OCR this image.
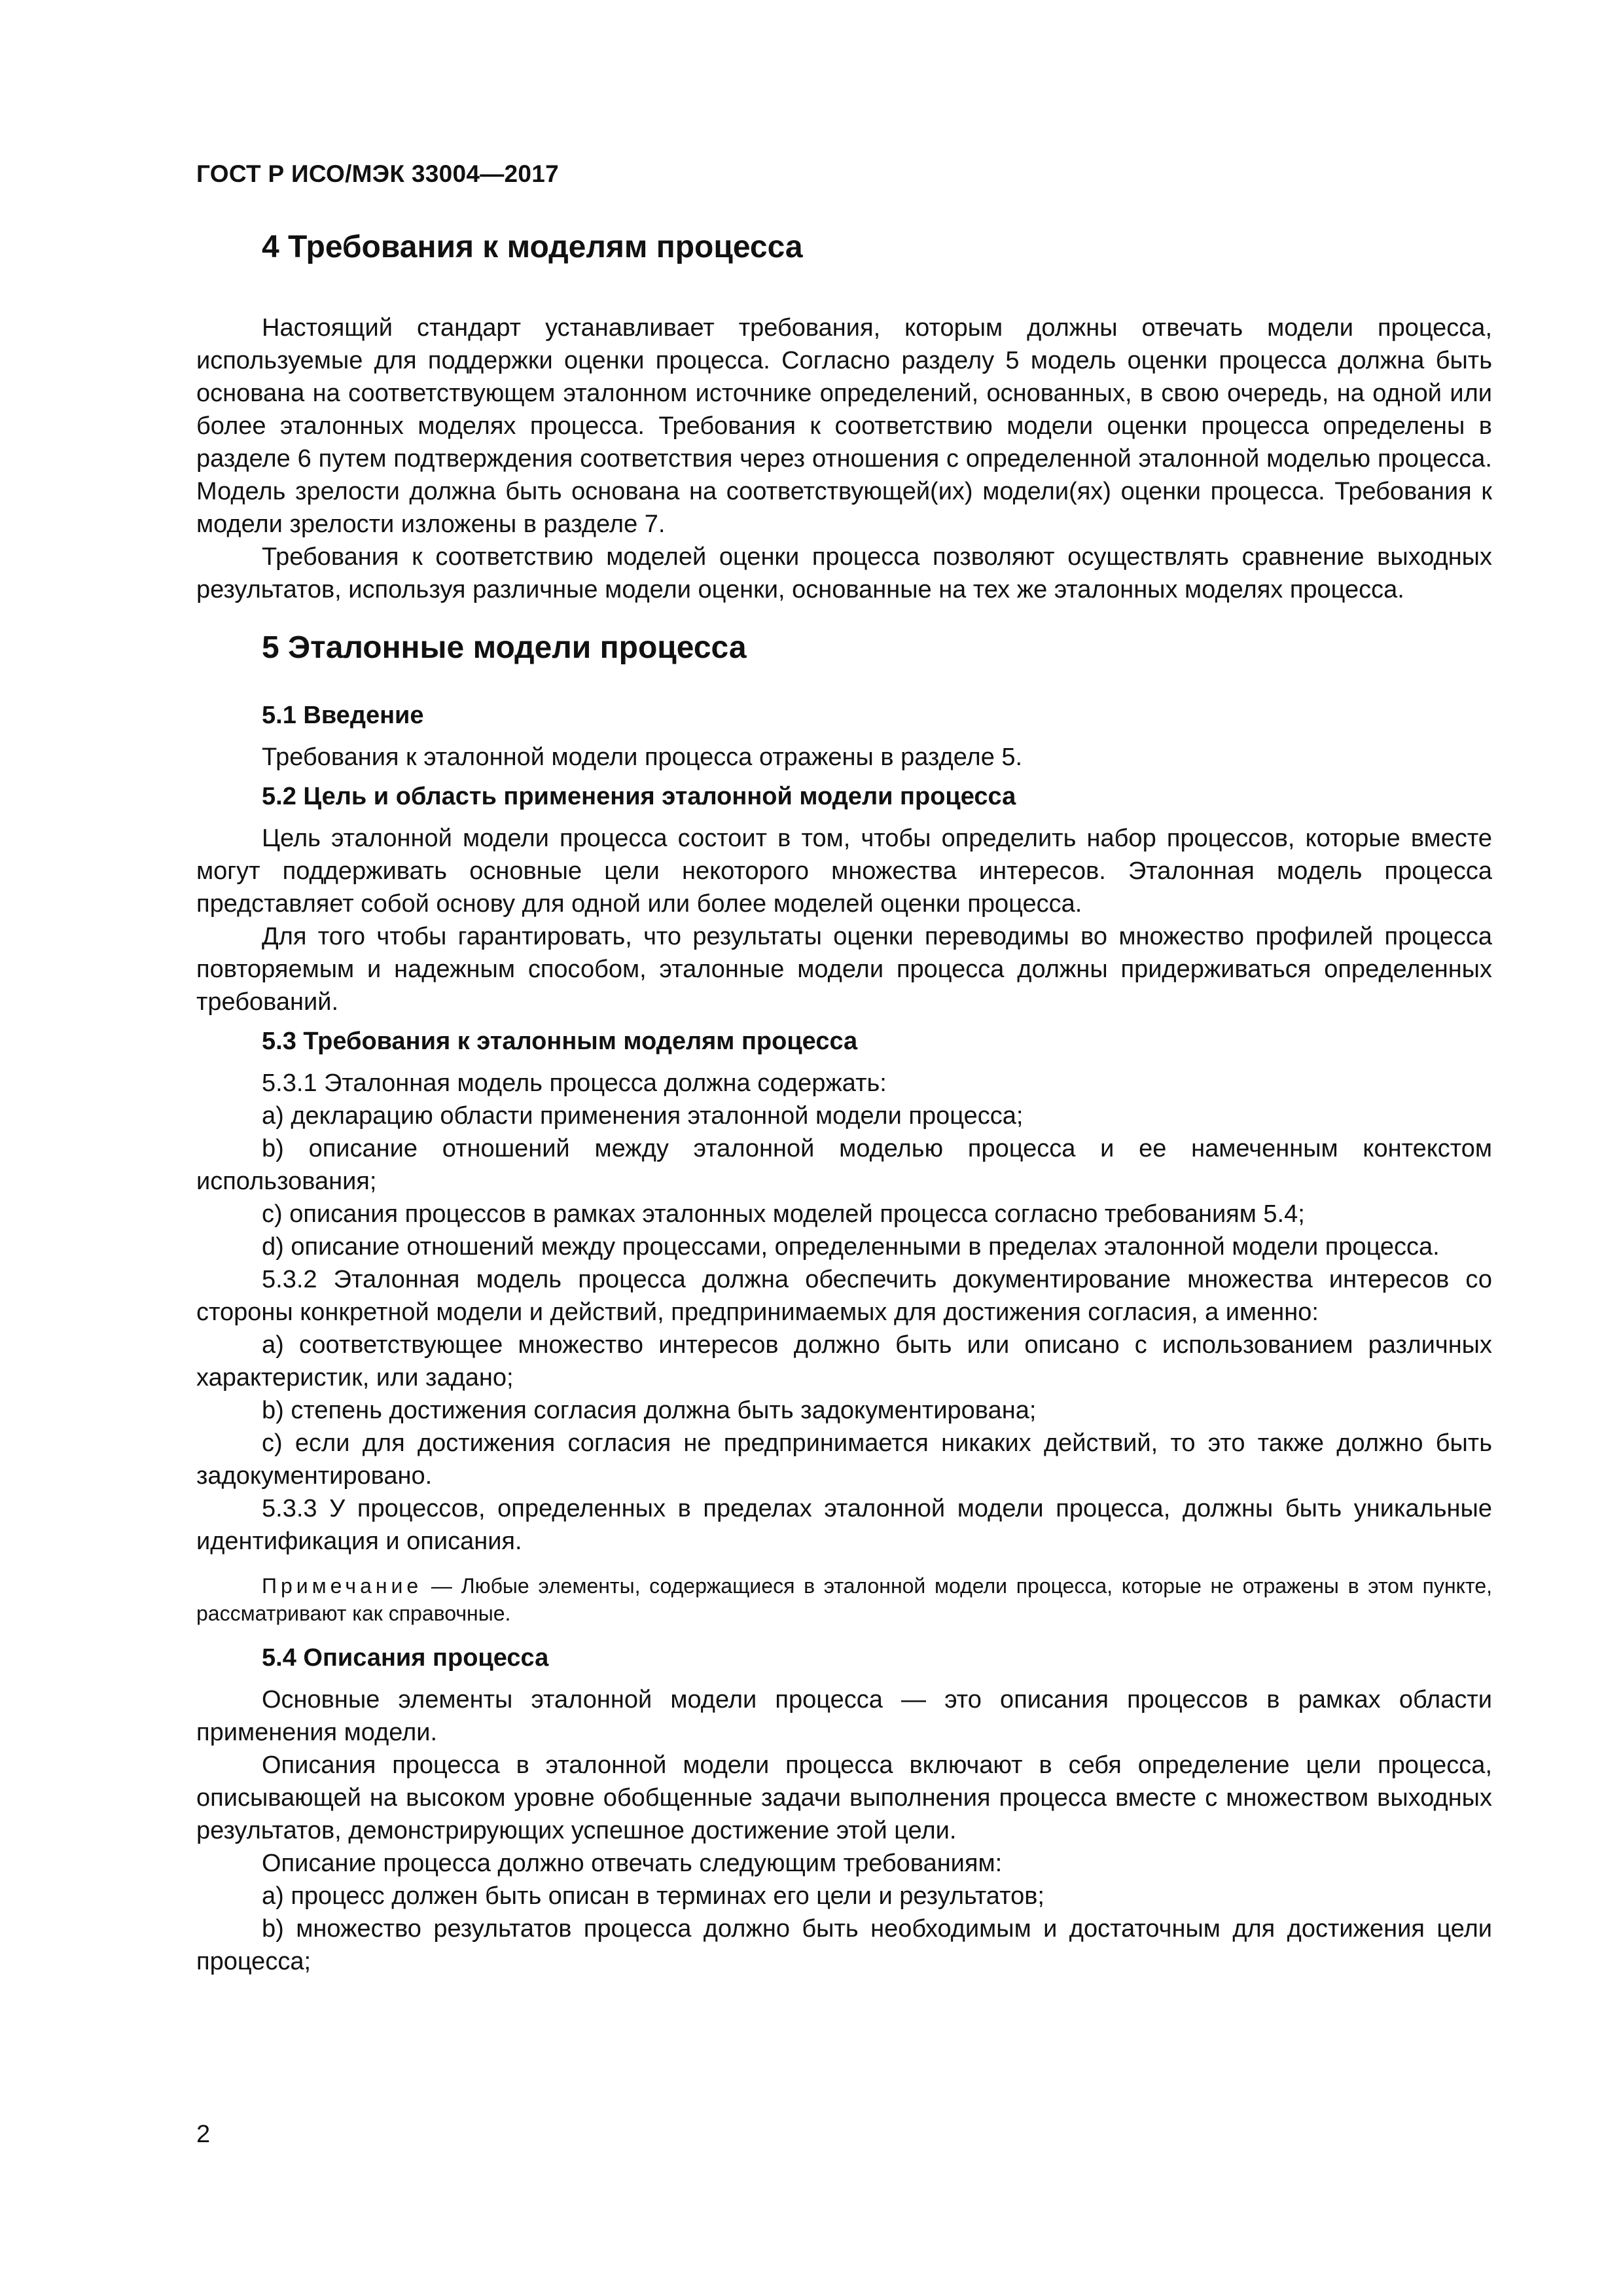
ГОСТ Р ИСО/МЭК 33004—2017
4 Требования к моделям процесса

Настоящий стандарт устанавливает требования, которым должны отвечать модели процесса, используемые для поддержки оценки процесса. Согласно разделу 5 модель оценки процесса должна быть основана на соответствующем эталонном источнике определений, основанных, в свою очередь, на одной или более эталонных моделях процесса. Требования к соответствию модели оценки процесса определены в разделе 6 путем подтверждения соответствия через отношения с определенной эталонной моделью процесса. Модель зрелости должна быть основана на соответствующей(их) модели(ях) оценки процесса. Требования к модели зрелости изложены в разделе 7.

Требования к соответствию моделей оценки процесса позволяют осуществлять сравнение выходных результатов, используя различные модели оценки, основанные на тех же эталонных моделях процесса.

5 Эталонные модели процесса
5.1 Введение

Требования к эталонной модели процесса отражены в разделе 5.

5.2 Цель и область применения эталонной модели процесса

Цель эталонной модели процесса состоит в том, чтобы определить набор процессов, которые вместе могут поддерживать основные цели некоторого множества интересов. Эталонная модель процесса представляет собой основу для одной или более моделей оценки процесса.

Для того чтобы гарантировать, что результаты оценки переводимы во множество профилей процесса повторяемым и надежным способом, эталонные модели процесса должны придерживаться определенных требований.

5.3 Требования к эталонным моделям процесса

5.3.1 Эталонная модель процесса должна содержать:

a) декларацию области применения эталонной модели процесса;

b) описание отношений между эталонной моделью процесса и ее намеченным контекстом использования;

c) описания процессов в рамках эталонных моделей процесса согласно требованиям 5.4;

d) описание отношений между процессами, определенными в пределах эталонной модели процесса.

5.3.2 Эталонная модель процесса должна обеспечить документирование множества интересов со стороны конкретной модели и действий, предпринимаемых для достижения согласия, а именно:

a) соответствующее множество интересов должно быть или описано с использованием различных характеристик, или задано;

b) степень достижения согласия должна быть задокументирована;

c) если для достижения согласия не предпринимается никаких действий, то это также должно быть задокументировано.

5.3.3 У процессов, определенных в пределах эталонной модели процесса, должны быть уникальные идентификация и описания.

Примечание — Любые элементы, содержащиеся в эталонной модели процесса, которые не отражены в этом пункте, рассматривают как справочные.
5.4 Описания процесса

Основные элементы эталонной модели процесса — это описания процессов в рамках области применения модели.

Описания процесса в эталонной модели процесса включают в себя определение цели процесса, описывающей на высоком уровне обобщенные задачи выполнения процесса вместе с множеством выходных результатов, демонстрирующих успешное достижение этой цели.

Описание процесса должно отвечать следующим требованиям:

a) процесс должен быть описан в терминах его цели и результатов;

b) множество результатов процесса должно быть необходимым и достаточным для достижения цели процесса;

2
